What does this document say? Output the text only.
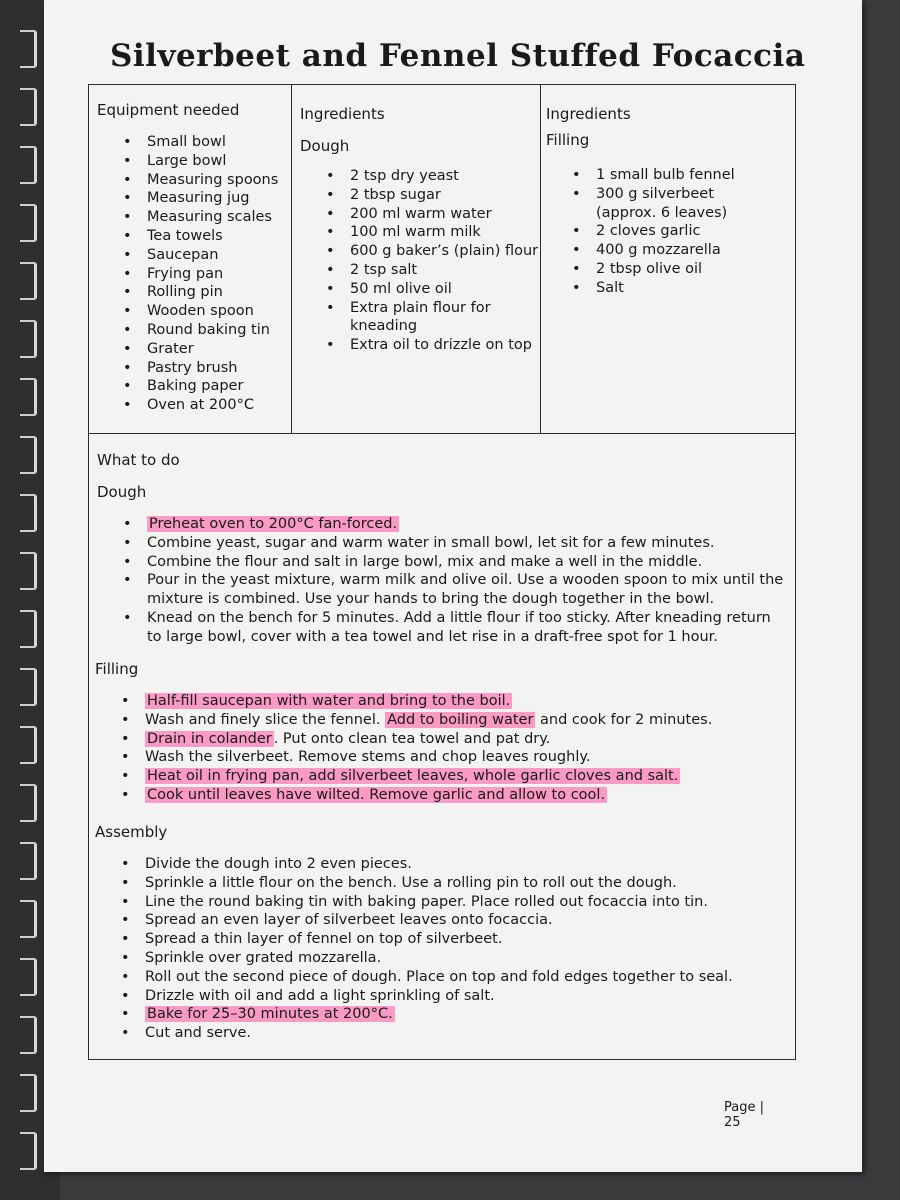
Silverbeet and Fennel Stuffed Focaccia
Equipment needed
• Small bowl
• Large bowl
• Measuring spoons
• Measuring jug
• Measuring scales
• Tea towels
• Saucepan
• Frying pan
• Rolling pin
• Wooden spoon
• Round baking tin
• Grater
• Pastry brush
• Baking paper
• Oven at 200°C
Ingredients
Dough
• 2 tsp dry yeast
• 2 tbsp sugar
• 200 ml warm water
• 100 ml warm milk
• 600 g baker’s (plain) flour
• 2 tsp salt
• 50 ml olive oil
• Extra plain flour for kneading
• Extra oil to drizzle on top
Ingredients
Filling
• 1 small bulb fennel
• 300 g silverbeet (approx. 6 leaves)
• 2 cloves garlic
• 400 g mozzarella
• 2 tbsp olive oil
• Salt
What to do
Dough
• Preheat oven to 200°C fan-forced.
• Combine yeast, sugar and warm water in small bowl, let sit for a few minutes.
• Combine the flour and salt in large bowl, mix and make a well in the middle.
• Pour in the yeast mixture, warm milk and olive oil. Use a wooden spoon to mix until the mixture is combined. Use your hands to bring the dough together in the bowl.
• Knead on the bench for 5 minutes. Add a little flour if too sticky. After kneading return to large bowl, cover with a tea towel and let rise in a draft-free spot for 1 hour.
Filling
• Half-fill saucepan with water and bring to the boil.
• Wash and finely slice the fennel. Add to boiling water and cook for 2 minutes.
• Drain in colander . Put onto clean tea towel and pat dry.
• Wash the silverbeet. Remove stems and chop leaves roughly.
• Heat oil in frying pan, add silverbeet leaves, whole garlic cloves and salt.
• Cook until leaves have wilted. Remove garlic and allow to cool.
Assembly
• Divide the dough into 2 even pieces.
• Sprinkle a little flour on the bench. Use a rolling pin to roll out the dough.
• Line the round baking tin with baking paper. Place rolled out focaccia into tin.
• Spread an even layer of silverbeet leaves onto focaccia.
• Spread a thin layer of fennel on top of silverbeet.
• Sprinkle over grated mozzarella.
• Roll out the second piece of dough. Place on top and fold edges together to seal.
• Drizzle with oil and add a light sprinkling of salt.
• Bake for 25–30 minutes at 200°C.
• Cut and serve.
Page | 25
